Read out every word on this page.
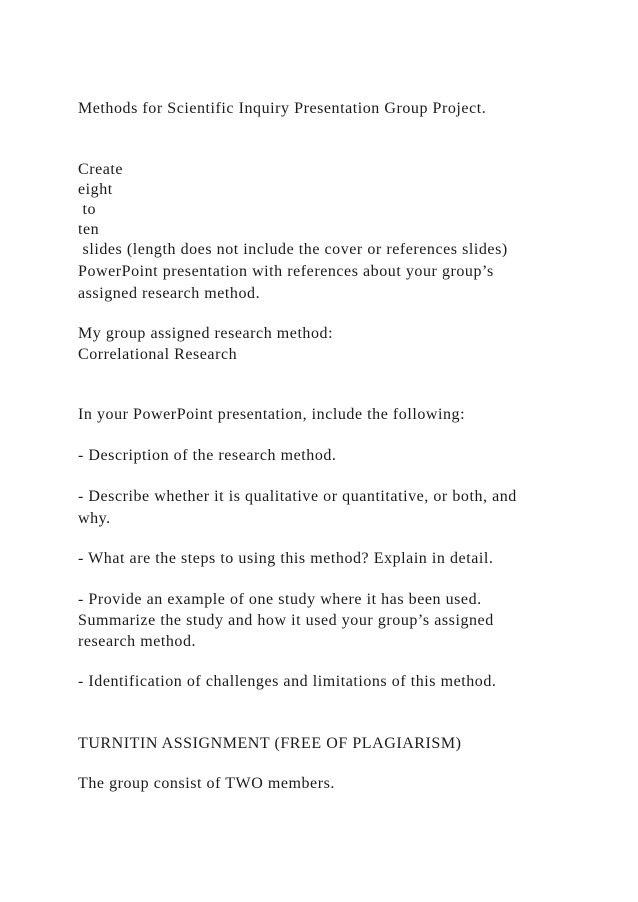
Methods for Scientific Inquiry Presentation Group Project.
Create
eight
to
ten
slides (length does not include the cover or references slides)
PowerPoint presentation with references about your group’s
assigned research method.
My group assigned research method:
Correlational Research
In your PowerPoint presentation, include the following:
- Description of the research method.
- Describe whether it is qualitative or quantitative, or both, and
why.
- What are the steps to using this method? Explain in detail.
- Provide an example of one study where it has been used.
Summarize the study and how it used your group’s assigned
research method.
- Identification of challenges and limitations of this method.
TURNITIN ASSIGNMENT (FREE OF PLAGIARISM)
The group consist of TWO members.
